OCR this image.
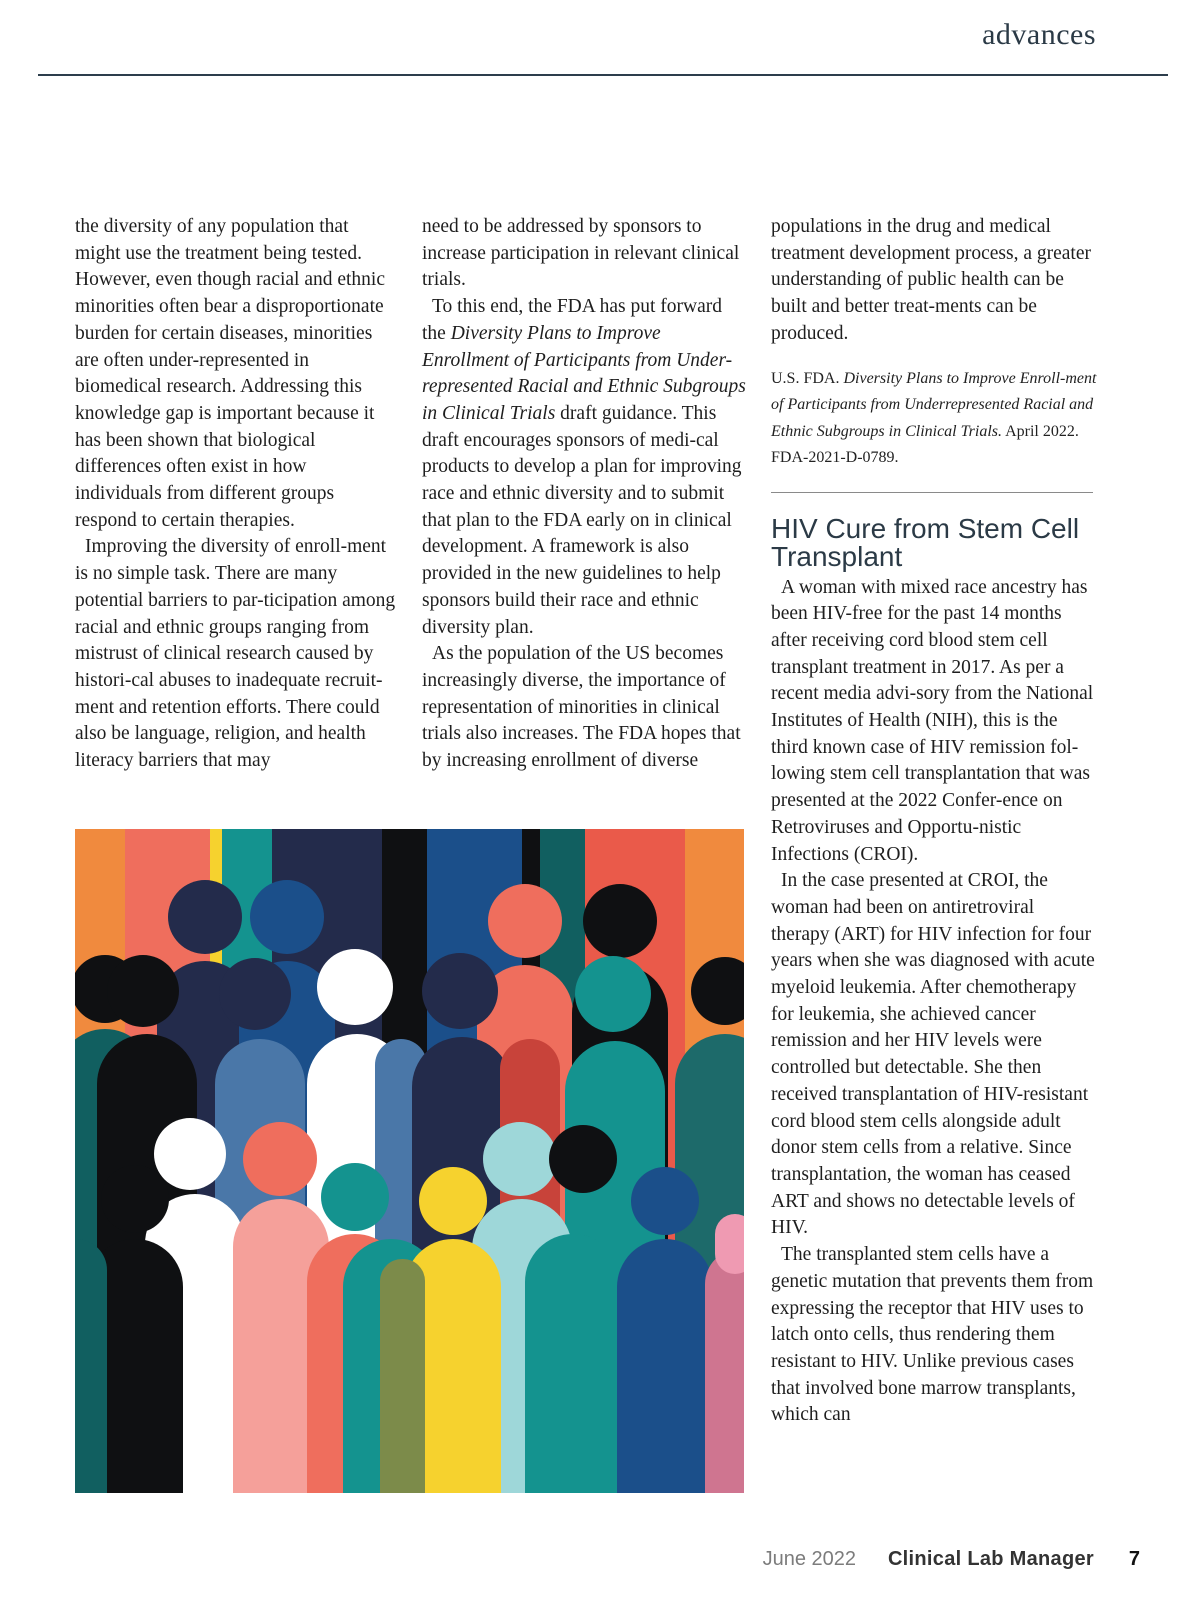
advances

the diversity of any population that might use the treatment being tested. However, even though racial and ethnic minorities often bear a disproportionate burden for certain diseases, minorities are often under-represented in biomedical research. Addressing this knowledge gap is important because it has been shown that biological differences often exist in how individuals from different groups respond to certain therapies.

Improving the diversity of enroll-ment is no simple task. There are many potential barriers to par-ticipation among racial and ethnic groups ranging from mistrust of clinical research caused by histori-cal abuses to inadequate recruit-ment and retention efforts. There could also be language, religion, and health literacy barriers that may

need to be addressed by sponsors to increase participation in relevant clinical trials.

To this end, the FDA has put forward the Diversity Plans to Improve Enrollment of Participants from Under-represented Racial and Ethnic Subgroups in Clinical Trials draft guidance. This draft encourages sponsors of medi-cal products to develop a plan for improving race and ethnic diversity and to submit that plan to the FDA early on in clinical development. A framework is also provided in the new guidelines to help sponsors build their race and ethnic diversity plan.

As the population of the US becomes increasingly diverse, the importance of representation of minorities in clinical trials also increases. The FDA hopes that by increasing enrollment of diverse

populations in the drug and medical treatment development process, a greater understanding of public health can be built and better treat-ments can be produced.

U.S. FDA. Diversity Plans to Improve Enroll-ment of Participants from Underrepresented Racial and Ethnic Subgroups in Clinical Trials. April 2022. FDA-2021-D-0789.

HIV Cure from Stem Cell Transplant

A woman with mixed race ancestry has been HIV-free for the past 14 months after receiving cord blood stem cell transplant treatment in 2017. As per a recent media advi-sory from the National Institutes of Health (NIH), this is the third known case of HIV remission fol-lowing stem cell transplantation that was presented at the 2022 Confer-ence on Retroviruses and Opportu-nistic Infections (CROI).

In the case presented at CROI, the woman had been on antiretroviral therapy (ART) for HIV infection for four years when she was diagnosed with acute myeloid leukemia. After chemotherapy for leukemia, she achieved cancer remission and her HIV levels were controlled but detectable. She then received transplantation of HIV-resistant cord blood stem cells alongside adult donor stem cells from a relative. Since transplantation, the woman has ceased ART and shows no detectable levels of HIV.

The transplanted stem cells have a genetic mutation that prevents them from expressing the receptor that HIV uses to latch onto cells, thus rendering them resistant to HIV. Unlike previous cases that involved bone marrow transplants, which can

June 2022 Clinical Lab Manager 7
